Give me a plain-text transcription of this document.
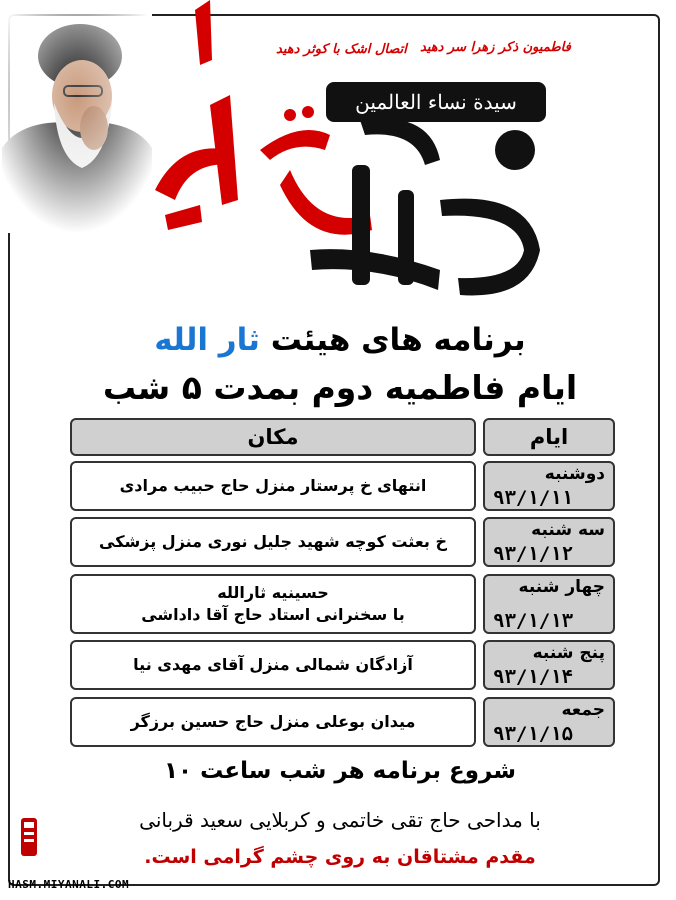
فاطمیون ذکر زهرا سر دهید
اتصال اشک با کوثر دهید
سیدة نساء العالمین
برنامه های هیئت ثار الله
ایام فاطمیه دوم بمدت ۵ شب
مکان	ایام
انتهای خ پرستار منزل حاج حبیب مرادی
دوشنبه
۹۳/۱/۱۱
خ بعثت کوچه شهید جلیل نوری منزل پزشکی
سه شنبه
۹۳/۱/۱۲
حسینیه ثارالله
با سخنرانی استاد حاج آقا داداشی
چهار شنبه
۹۳/۱/۱۳
آزادگان شمالی منزل آقای مهدی نیا
پنج شنبه
۹۳/۱/۱۴
میدان بوعلی منزل حاج حسین برزگر
جمعه
۹۳/۱/۱۵
شروع برنامه هر شب ساعت ۱۰
با مداحی حاج تقی خاتمی و کربلایی سعید قربانی
مقدم مشتاقان به روی چشم گرامی است.
HASM.MIYANALI.COM
